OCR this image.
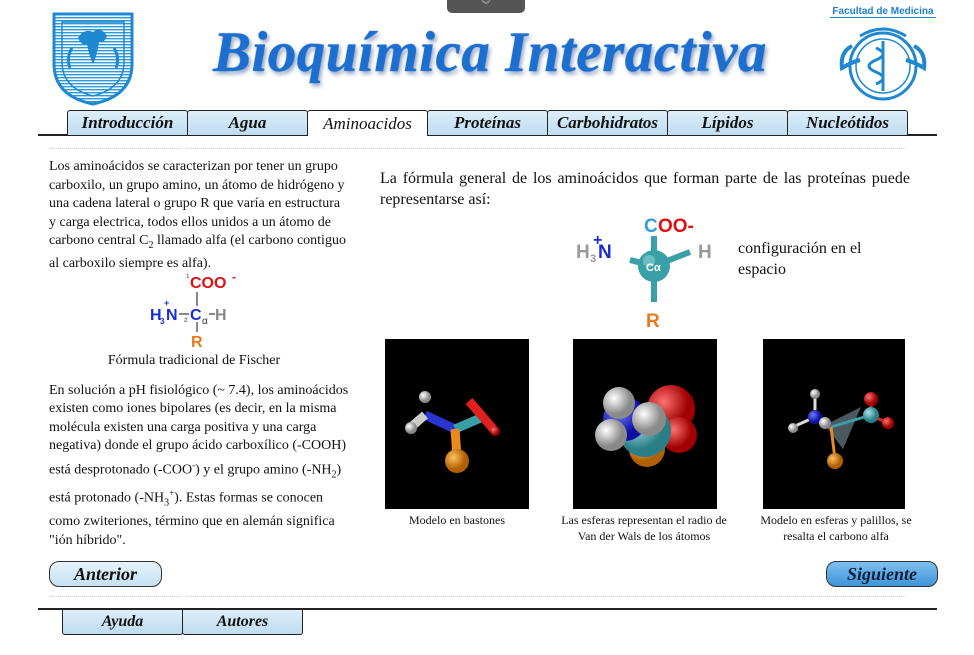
︾
Bioquímica Interactiva
Facultad de Medicina
Introducción	Agua	Aminoacidos	Proteínas	Carbohidratos	Lípidos	Nucleótidos
Los aminoácidos se caracterizan por tener un grupo carboxilo, un grupo amino, un átomo de hidrógeno y una cadena lateral o grupo R que varía en estructura y carga electrica, todos ellos unidos a un átomo de carbono central $C_2$ llamado alfa (el carbono contiguo al carboxilo siempre es alfa).
1 COO -
H
3
+
N 2 C α H
R
Fórmula tradicional de Fischer
En solución a pH fisiológico (~ 7.4), los aminoácidos existen como iones bipolares (es decir, en la misma molécula existen una carga positiva y una carga negativa) donde el grupo ácido carboxílico (-COOH) está desprotonado (-COO-) y el grupo amino $(-NH_2)$ está protonado $(-NH_3^+)$. Estas formas se conocen como zwiteriones, término que en alemán significa "ión híbrido".
La fórmula general de los aminoácidos que forman parte de las proteínas puede representarse así:
C OO-
Cα
H 3
+
N	H
R
configuración en el espacio
Modelo en bastones	Las esferas representan el radio de Van der Wals de los átomos
Modelo en esferas y palillos, se resalta el carbono alfa
Anterior	Siguiente
Ayuda	Autores
